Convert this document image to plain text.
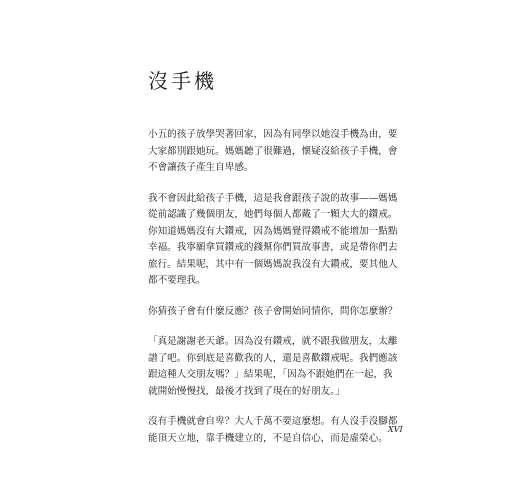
沒手機

小五的孩子放學哭著回家，因為有同學以她沒手機為由，要
大家都別跟她玩。媽媽聽了很難過，懷疑沒給孩子手機，會
不會讓孩子產生自卑感。

我不會因此給孩子手機，這是我會跟孩子說的故事——媽媽
從前認識了幾個朋友，她們每個人都戴了一顆大大的鑽戒。
你知道媽媽沒有大鑽戒，因為媽媽覺得鑽戒不能增加一點點
幸福。我寧願拿買鑽戒的錢幫你們買故事書，或是帶你們去
旅行。結果呢，其中有一個媽媽說我沒有大鑽戒，要其他人
都不要理我。

你猜孩子會有什麼反應？孩子會開始同情你，問你怎麼辦？

「真是謝謝老天爺。因為沒有鑽戒，就不跟我做朋友，太離
譜了吧。你到底是喜歡我的人，還是喜歡鑽戒呢。我們應該
跟這種人交朋友嗎？」結果呢，「因為不跟她們在一起，我
就開始慢慢找，最後才找到了現在的好朋友。」

沒有手機就會自卑？大人千萬不要這麼想。有人沒手沒腳都
能頂天立地，靠手機建立的，不是自信心，而是虛榮心。

XVI
